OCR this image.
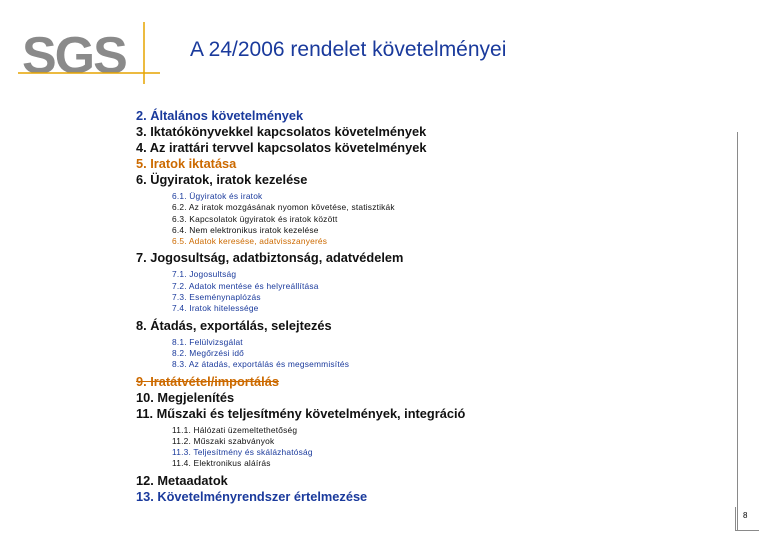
SGS	A 24/2006 rendelet követelményei
2. Általános követelmények
3. Iktatókönyvekkel kapcsolatos követelmények
4. Az irattári tervvel kapcsolatos követelmények
5. Iratok iktatása
6. Ügyiratok, iratok kezelése
6.1. Ügyiratok és iratok
6.2. Az iratok mozgásának nyomon követése, statisztikák
6.3. Kapcsolatok ügyiratok és iratok között
6.4. Nem elektronikus iratok kezelése
6.5. Adatok keresése, adatvisszanyerés
7. Jogosultság, adatbiztonság, adatvédelem
7.1. Jogosultság
7.2. Adatok mentése és helyreállítása
7.3. Eseménynaplózás
7.4. Iratok hitelessége
8. Átadás, exportálás, selejtezés
8.1. Felülvizsgálat
8.2. Megőrzési idő
8.3. Az átadás, exportálás és megsemmisítés
9. Iratátvétel/importálás
10. Megjelenítés
11. Műszaki és teljesítmény követelmények, integráció
11.1. Hálózati üzemeltethetőség
11.2. Műszaki szabványok
11.3. Teljesítmény és skálázhatóság
11.4. Elektronikus aláírás
12. Metaadatok
13. Követelményrendszer értelmezése
8
